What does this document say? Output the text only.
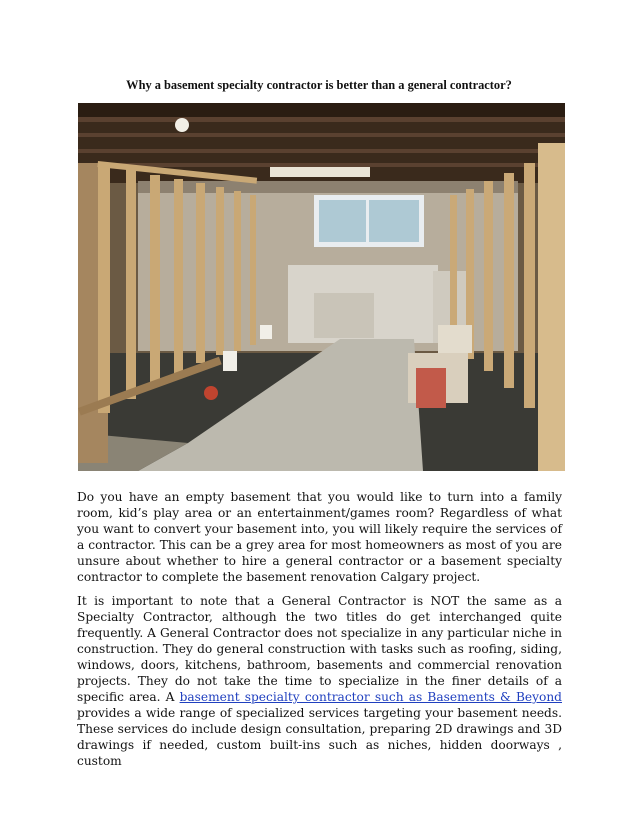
Why a basement specialty contractor is better than a general contractor?

Do you have an empty basement that you would like to turn into a family room, kid’s play area or an entertainment/games room? Regardless of what you want to convert your basement into, you will likely require the services of a contractor. This can be a grey area for most homeowners as most of you are unsure about whether to hire a general contractor or a basement specialty contractor to complete the basement renovation Calgary project.

It is important to note that a General Contractor is NOT the same as a Specialty Contractor, although the two titles do get interchanged quite frequently. A General Contractor does not specialize in any particular niche in construction. They do general construction with tasks such as roofing, siding, windows, doors, kitchens, bathroom, basements and commercial renovation projects. They do not take the time to specialize in the finer details of a specific area. A basement specialty contractor such as Basements & Beyond provides a wide range of specialized services targeting your basement needs. These services do include design consultation, preparing 2D drawings and 3D drawings if needed, custom built-ins such as niches, hidden doorways , custom
